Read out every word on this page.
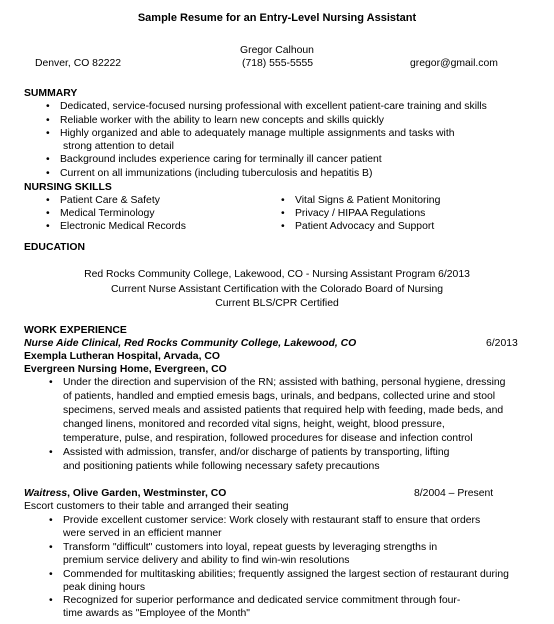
Sample Resume for an Entry-Level Nursing Assistant
Gregor Calhoun
Denver, CO 82222	(718) 555-5555	gregor@gmail.com
SUMMARY
• Dedicated, service-focused nursing professional with excellent patient-care training and skills
• Reliable worker with the ability to learn new concepts and skills quickly
• Highly organized and able to adequately manage multiple assignments and tasks with
strong attention to detail
• Background includes experience caring for terminally ill cancer patient
• Current on all immunizations (including tuberculosis and hepatitis B)
NURSING SKILLS
• Patient Care & Safety
• Medical Terminology
• Electronic Medical Records
• Vital Signs & Patient Monitoring
• Privacy / HIPAA Regulations
• Patient Advocacy and Support
EDUCATION
Red Rocks Community College, Lakewood, CO - Nursing Assistant Program 6/2013
Current Nurse Assistant Certification with the Colorado Board of Nursing
Current BLS/CPR Certified
WORK EXPERIENCE
Nurse Aide Clinical, Red Rocks Community College, Lakewood, CO	6/2013
Exempla Lutheran Hospital, Arvada, CO
Evergreen Nursing Home, Evergreen, CO
• Under the direction and supervision of the RN; assisted with bathing, personal hygiene, dressing
of patients, handled and emptied emesis bags, urinals, and bedpans, collected urine and stool
specimens, served meals and assisted patients that required help with feeding, made beds, and
changed linens, monitored and recorded vital signs, height, weight, blood pressure,
temperature, pulse, and respiration, followed procedures for disease and infection control
• Assisted with admission, transfer, and/or discharge of patients by transporting, lifting
and positioning patients while following necessary safety precautions
Waitress, Olive Garden, Westminster, CO	8/2004 – Present
Escort customers to their table and arranged their seating
• Provide excellent customer service: Work closely with restaurant staff to ensure that orders
were served in an efficient manner
• Transform "difficult" customers into loyal, repeat guests by leveraging strengths in
premium service delivery and ability to find win-win resolutions
• Commended for multitasking abilities; frequently assigned the largest section of restaurant during
peak dining hours
• Recognized for superior performance and dedicated service commitment through four-
time awards as "Employee of the Month"
